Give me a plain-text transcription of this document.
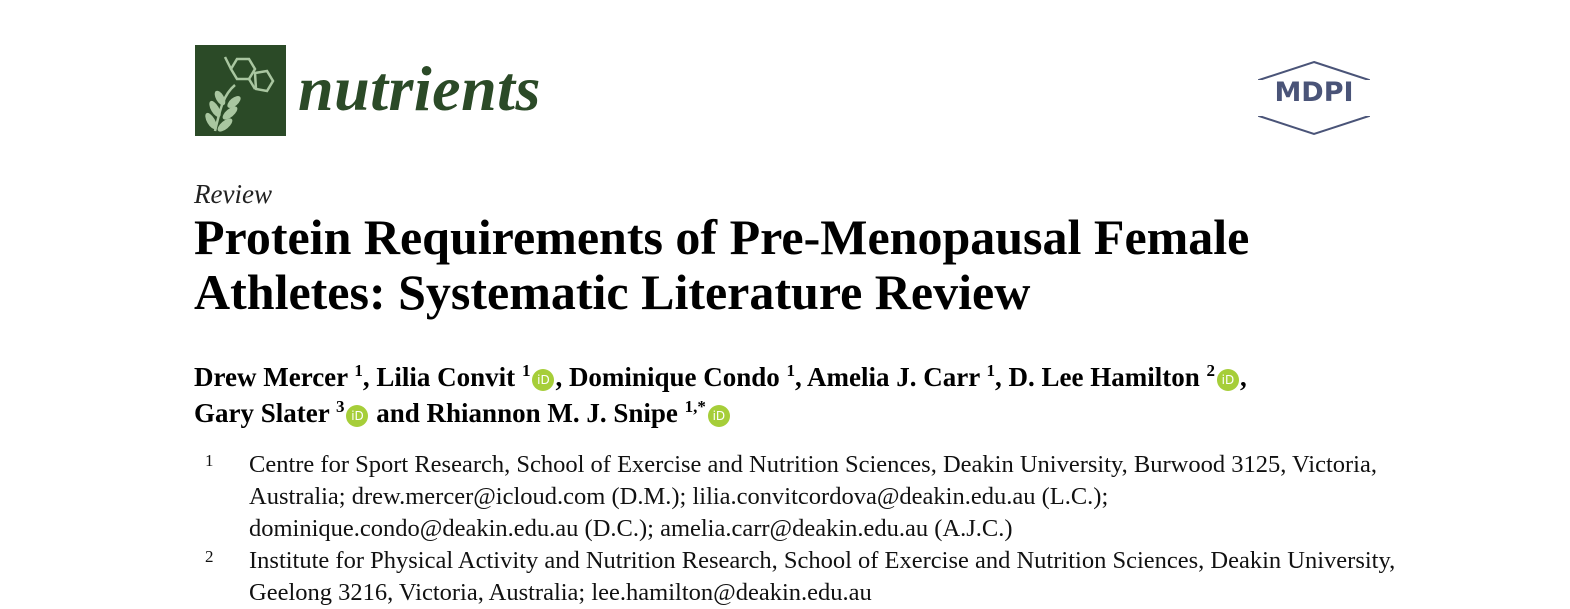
nutrients	MDPI
Review
Protein Requirements of Pre-Menopausal Female Athletes: Systematic Literature Review
Drew Mercer $^1$, Lilia Convit $^1$ iD , Dominique Condo $^1$, Amelia J. Carr $^1$, D. Lee Hamilton $^2$ iD ,
Gary Slater $^3$ iD and Rhiannon M. J. Snipe $^{1,*}$ iD
1 Centre for Sport Research, School of Exercise and Nutrition Sciences, Deakin University, Burwood 3125, Victoria, Australia; drew.mercer@icloud.com (D.M.); lilia.convitcordova@deakin.edu.au (L.C.); dominique.condo@deakin.edu.au (D.C.); amelia.carr@deakin.edu.au (A.J.C.)
2 Institute for Physical Activity and Nutrition Research, School of Exercise and Nutrition Sciences, Deakin University, Geelong 3216, Victoria, Australia; lee.hamilton@deakin.edu.au
